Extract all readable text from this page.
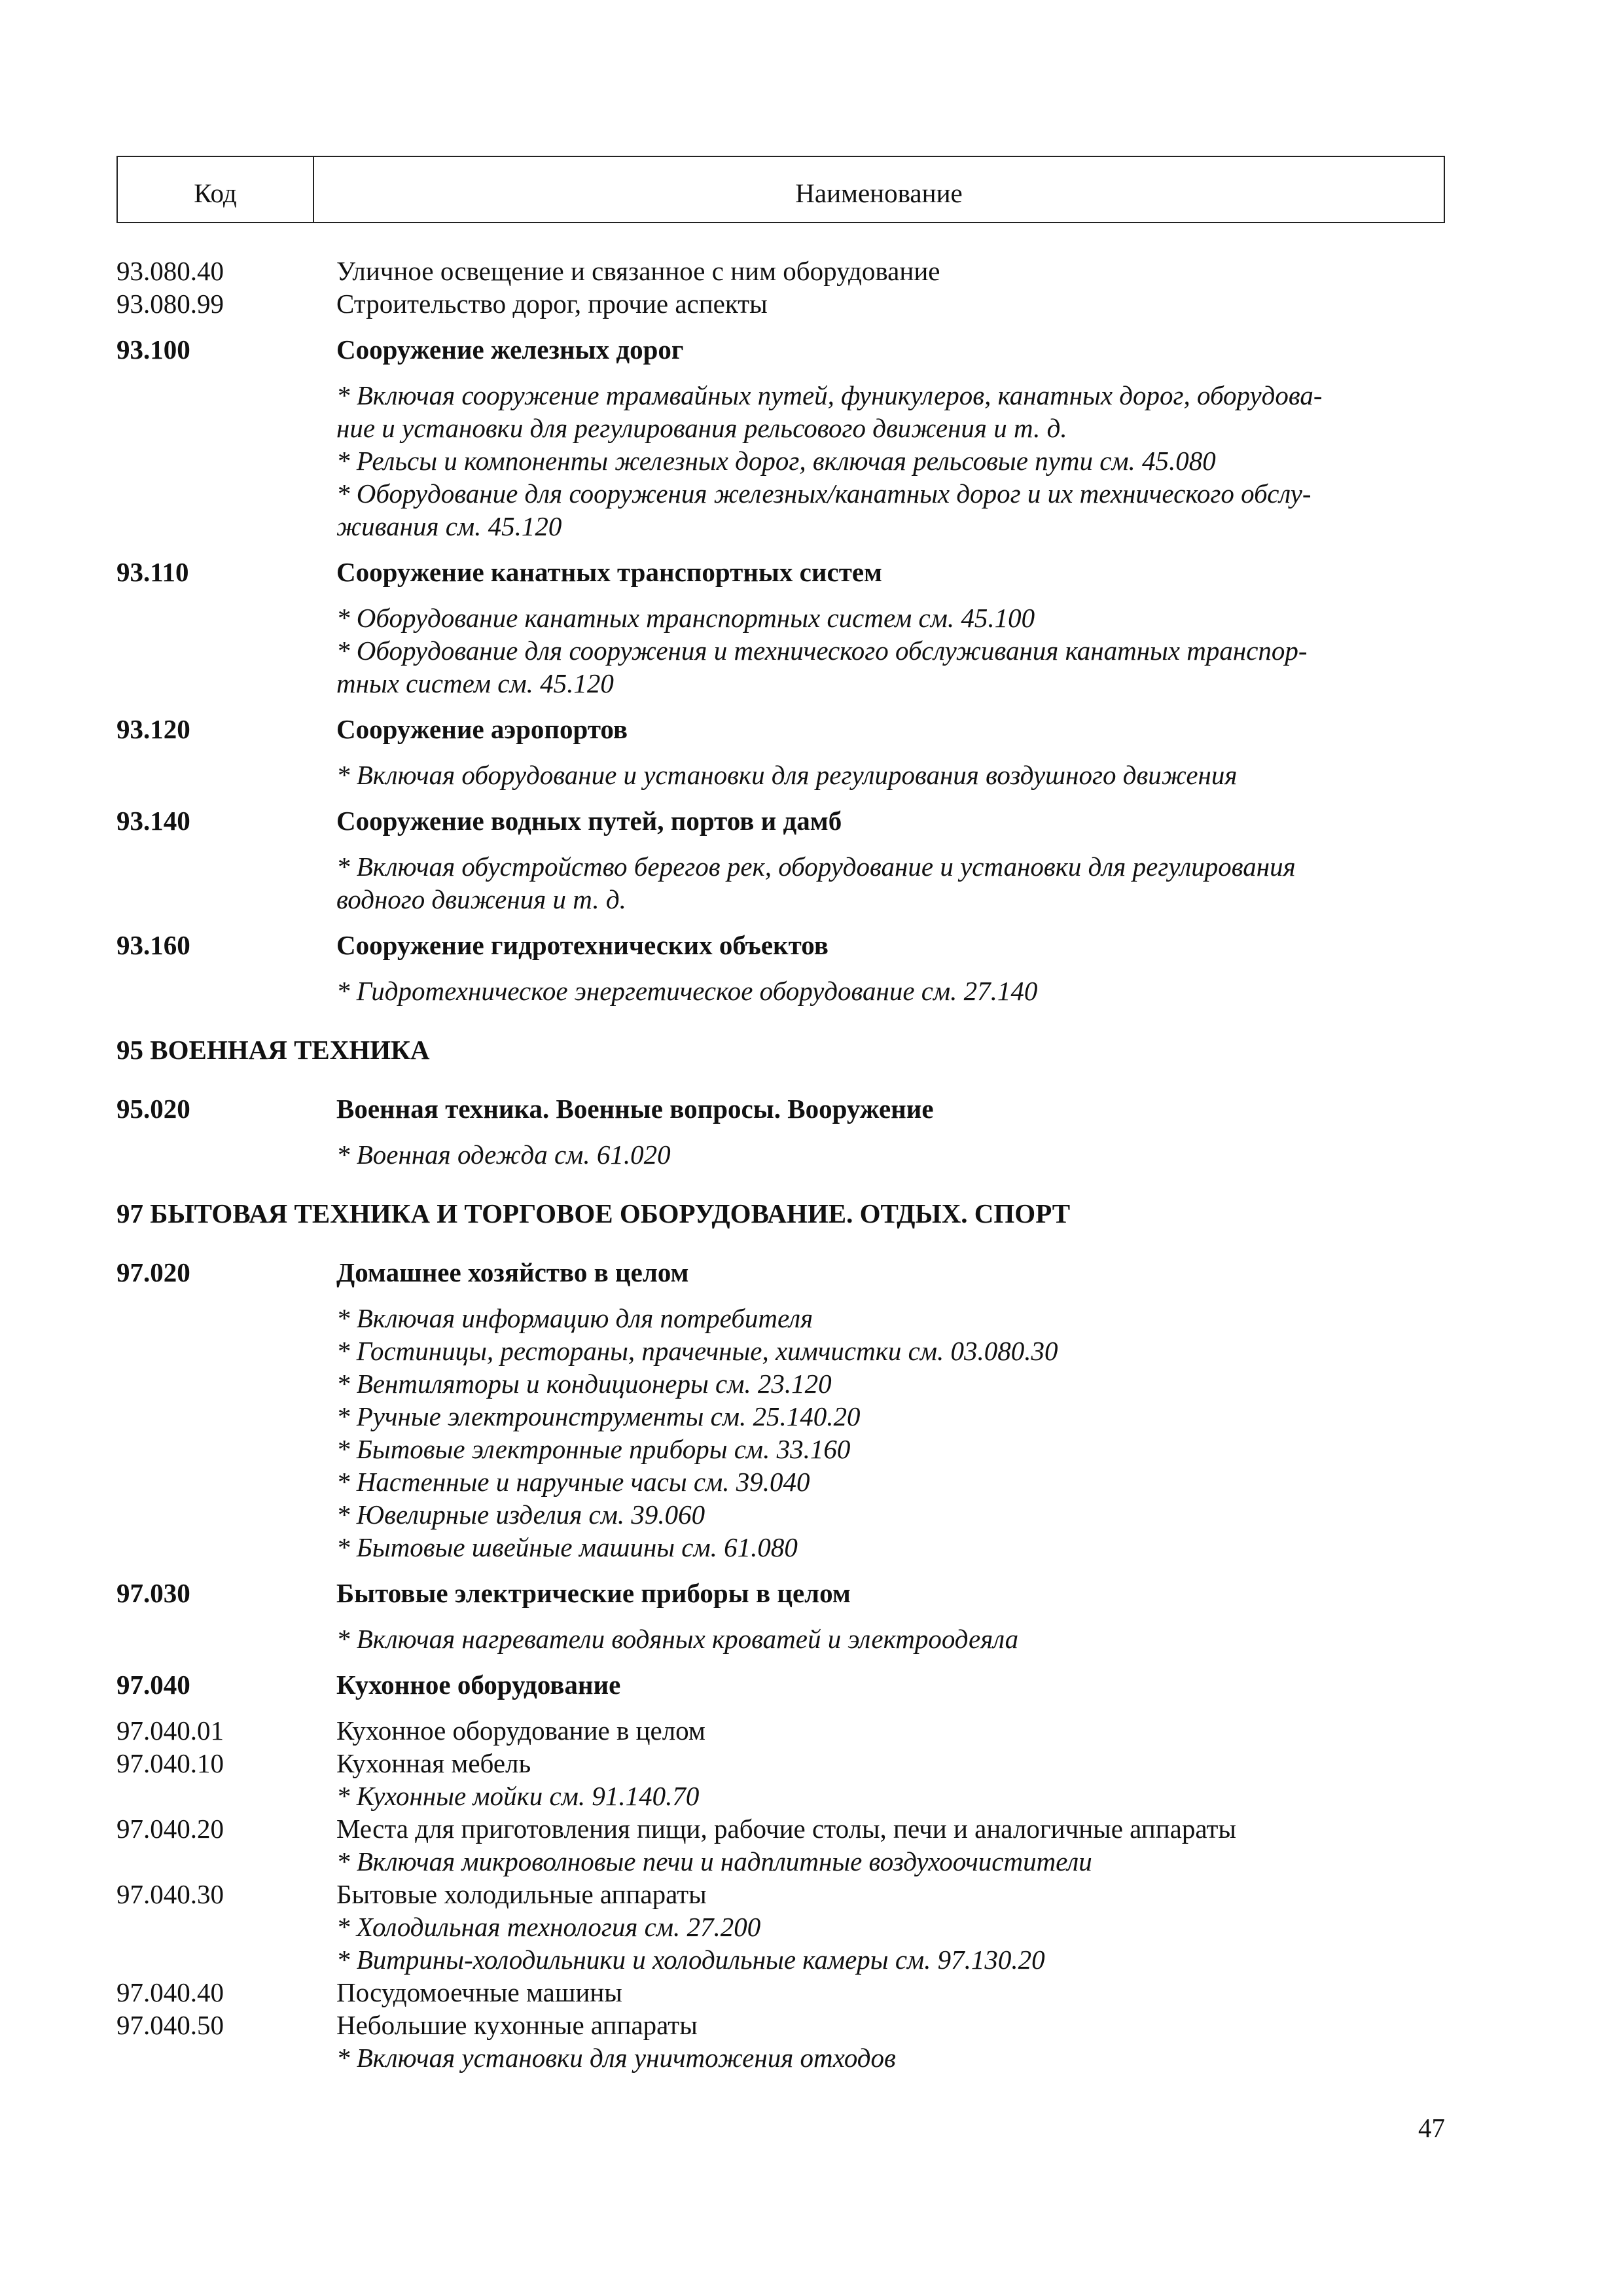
Код	Наименование
93.080.40	Уличное освещение и связанное с ним оборудование
93.080.99	Строительство дорог, прочие аспекты
93.100	Сооружение железных дорог
* Включая сооружение трамвайных путей, фуникулеров, канатных дорог, оборудова-
ние и установки для регулирования рельсового движения и т. д.
* Рельсы и компоненты железных дорог, включая рельсовые пути см. 45.080
* Оборудование для сооружения железных/канатных дорог и их технического обслу-
живания см. 45.120
93.110	Сооружение канатных транспортных систем
* Оборудование канатных транспортных систем см. 45.100
* Оборудование для сооружения и технического обслуживания канатных транспор-
тных систем см. 45.120
93.120	Сооружение аэропортов
* Включая оборудование и установки для регулирования воздушного движения
93.140	Сооружение водных путей, портов и дамб
* Включая обустройство берегов рек, оборудование и установки для регулирования
водного движения и т. д.
93.160	Сооружение гидротехнических объектов
* Гидротехническое энергетическое оборудование см. 27.140
95 ВОЕННАЯ ТЕХНИКА
95.020	Военная техника. Военные вопросы. Вооружение
* Военная одежда см. 61.020
97 БЫТОВАЯ ТЕХНИКА И ТОРГОВОЕ ОБОРУДОВАНИЕ. ОТДЫХ. СПОРТ
97.020	Домашнее хозяйство в целом
* Включая информацию для потребителя
* Гостиницы, рестораны, прачечные, химчистки см. 03.080.30
* Вентиляторы и кондиционеры см. 23.120
* Ручные электроинструменты см. 25.140.20
* Бытовые электронные приборы см. 33.160
* Настенные и наручные часы см. 39.040
* Ювелирные изделия см. 39.060
* Бытовые швейные машины см. 61.080
97.030	Бытовые электрические приборы в целом
* Включая нагреватели водяных кроватей и электроодеяла
97.040	Кухонное оборудование
97.040.01	Кухонное оборудование в целом
97.040.10	Кухонная мебель
* Кухонные мойки см. 91.140.70
97.040.20	Места для приготовления пищи, рабочие столы, печи и аналогичные аппараты
* Включая микроволновые печи и надплитные воздухоочистители
97.040.30	Бытовые холодильные аппараты
* Холодильная технология см. 27.200
* Витрины-холодильники и холодильные камеры см. 97.130.20
97.040.40	Посудомоечные машины
97.040.50	Небольшие кухонные аппараты
* Включая установки для уничтожения отходов
47
